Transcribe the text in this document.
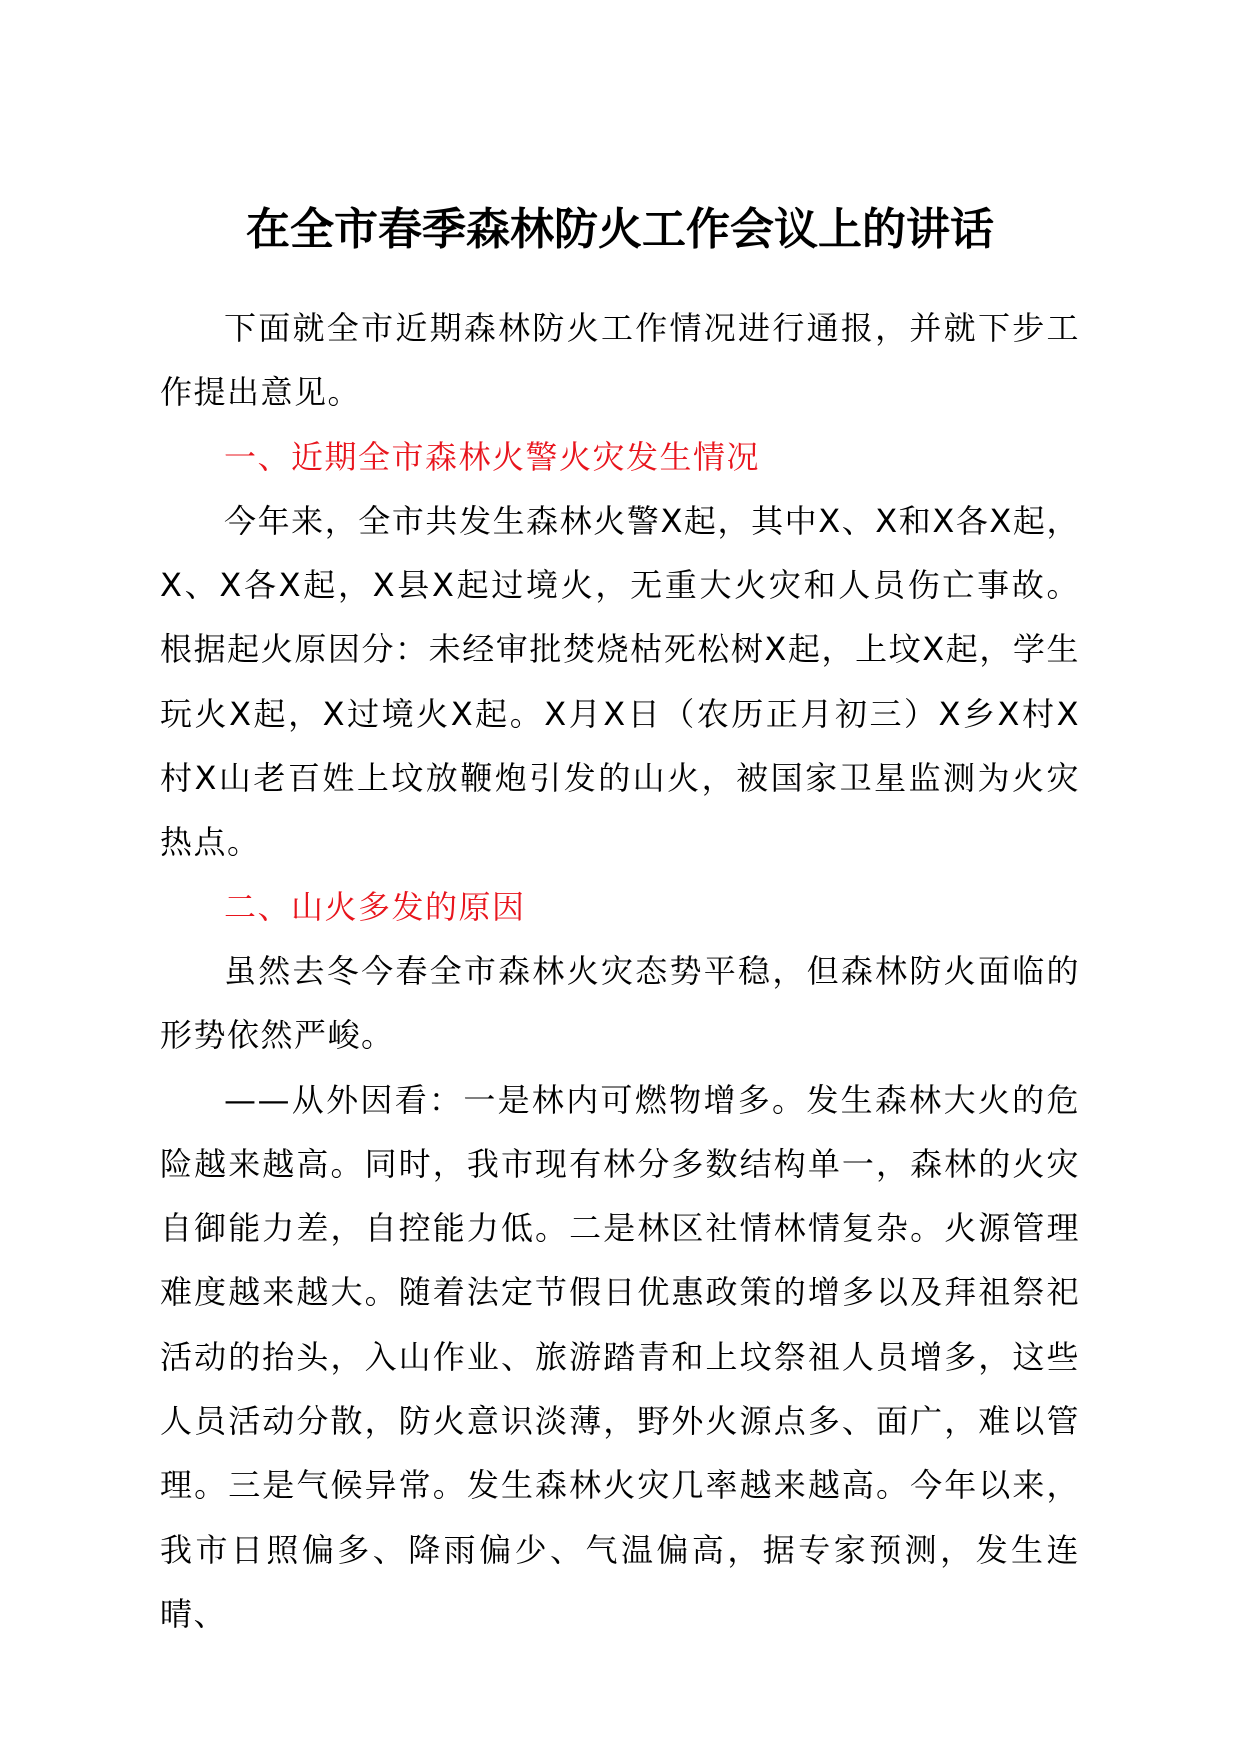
在全市春季森林防火工作会议上的讲话

下面就全市近期森林防火工作情况进行通报，并就下步工作提出意见。

一、近期全市森林火警火灾发生情况

今年来，全市共发生森林火警X起，其中X、X和X各X起，X、X各X起，X县X起过境火，无重大火灾和人员伤亡事故。根据起火原因分：未经审批焚烧枯死松树X起，上坟X起，学生玩火X起，X过境火X起。X月X日（农历正月初三）X乡X村X村X山老百姓上坟放鞭炮引发的山火，被国家卫星监测为火灾热点。

二、山火多发的原因

虽然去冬今春全市森林火灾态势平稳，但森林防火面临的形势依然严峻。

——从外因看：一是林内可燃物增多。发生森林大火的危险越来越高。同时，我市现有林分多数结构单一，森林的火灾自御能力差，自控能力低。二是林区社情林情复杂。火源管理难度越来越大。随着法定节假日优惠政策的增多以及拜祖祭祀活动的抬头，入山作业、旅游踏青和上坟祭祖人员增多，这些人员活动分散，防火意识淡薄，野外火源点多、面广，难以管理。三是气候异常。发生森林火灾几率越来越高。今年以来，我市日照偏多、降雨偏少、气温偏高，据专家预测，发生连晴、
